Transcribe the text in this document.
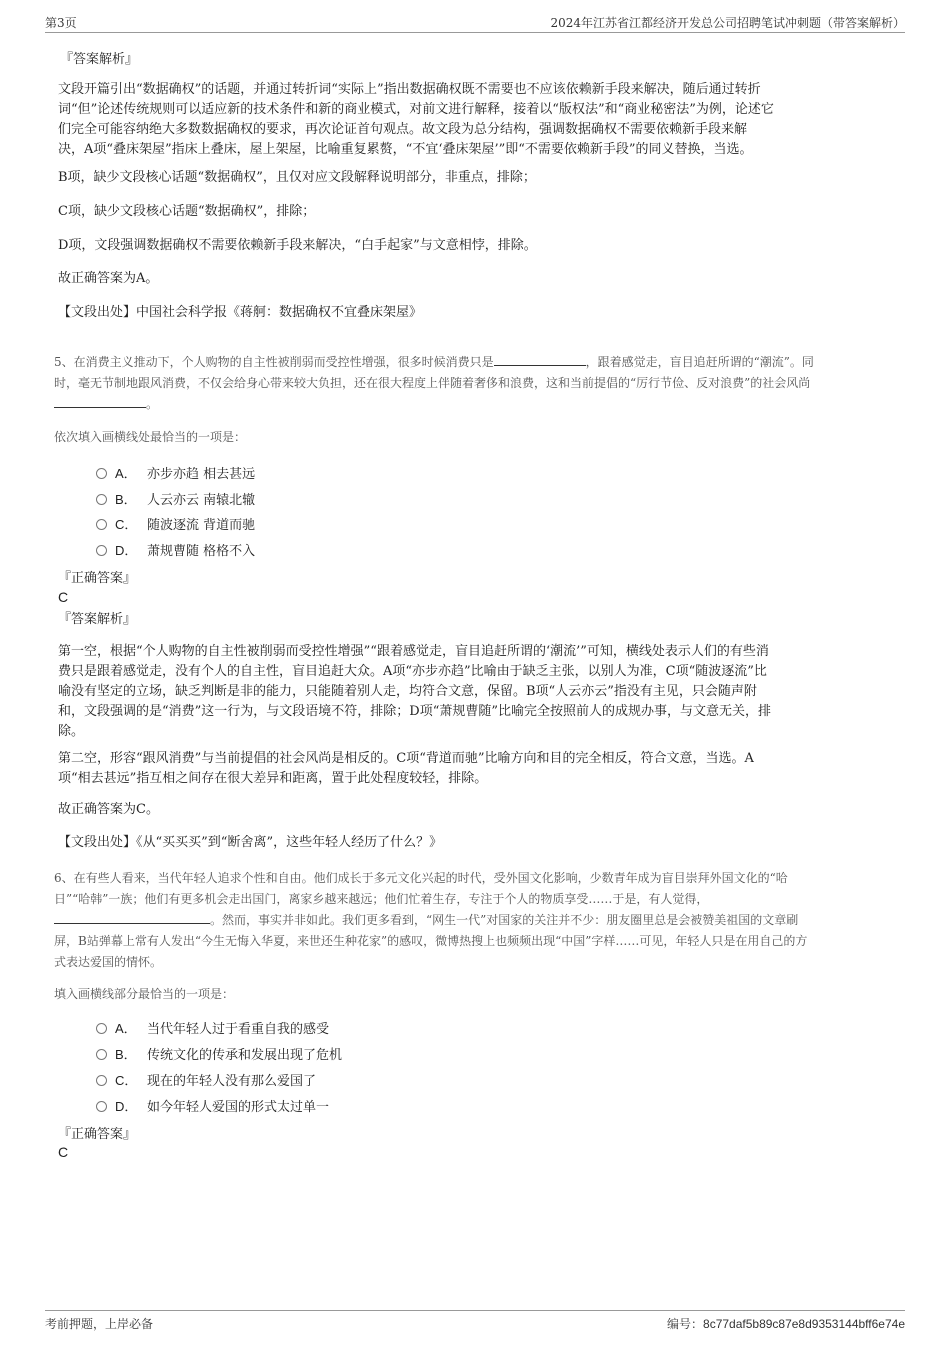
第3页	2024年江苏省江都经济开发总公司招聘笔试冲刺题（带答案解析）
『答案解析』
文段开篇引出“数据确权”的话题，并通过转折词“实际上”指出数据确权既不需要也不应该依赖新手段来解决，随后通过转折
词“但”论述传统规则可以适应新的技术条件和新的商业模式，对前文进行解释，接着以“版权法”和“商业秘密法”为例，论述它
们完全可能容纳绝大多数数据确权的要求，再次论证首句观点。故文段为总分结构，强调数据确权不需要依赖新手段来解
决，A项“叠床架屋”指床上叠床，屋上架屋，比喻重复累赘，“不宜‘叠床架屋’”即“不需要依赖新手段”的同义替换，当选。
B项，缺少文段核心话题“数据确权”，且仅对应文段解释说明部分，非重点，排除；
C项，缺少文段核心话题“数据确权”，排除；
D项，文段强调数据确权不需要依赖新手段来解决，“白手起家”与文意相悖，排除。
故正确答案为A。
【文段出处】中国社会科学报《蒋舸：数据确权不宜叠床架屋》
5、在消费主义推动下，个人购物的自主性被削弱而受控性增强，很多时候消费只是	，跟着感觉走，盲目追赶所谓的“潮流”。同
时，毫无节制地跟风消费，不仅会给身心带来较大负担，还在很大程度上伴随着奢侈和浪费，这和当前提倡的“厉行节俭、反对浪费”的社会风尚
。
依次填入画横线处最恰当的一项是：
A． 亦步亦趋 相去甚远
B． 人云亦云 南辕北辙
C． 随波逐流 背道而驰
D． 萧规曹随 格格不入
『正确答案』
C
『答案解析』
第一空，根据“个人购物的自主性被削弱而受控性增强”“跟着感觉走，盲目追赶所谓的‘潮流’”可知，横线处表示人们的有些消
费只是跟着感觉走，没有个人的自主性，盲目追赶大众。A项“亦步亦趋”比喻由于缺乏主张，以别人为准，C项“随波逐流”比
喻没有坚定的立场，缺乏判断是非的能力，只能随着别人走，均符合文意，保留。B项“人云亦云”指没有主见，只会随声附
和，文段强调的是“消费”这一行为，与文段语境不符，排除；D项“萧规曹随”比喻完全按照前人的成规办事，与文意无关，排
除。
第二空，形容“跟风消费”与当前提倡的社会风尚是相反的。C项“背道而驰”比喻方向和目的完全相反，符合文意，当选。A
项“相去甚远”指互相之间存在很大差异和距离，置于此处程度较轻，排除。
故正确答案为C。
【文段出处】《从“买买买”到“断舍离”，这些年轻人经历了什么？》
6、在有些人看来，当代年轻人追求个性和自由。他们成长于多元文化兴起的时代，受外国文化影响，少数青年成为盲目崇拜外国文化的“哈
日”“哈韩”一族；他们有更多机会走出国门，离家乡越来越远；他们忙着生存，专注于个人的物质享受……于是，有人觉得，
。然而，事实并非如此。我们更多看到，“网生一代”对国家的关注并不少：朋友圈里总是会被赞美祖国的文章刷
屏，B站弹幕上常有人发出“今生无悔入华夏，来世还生种花家”的感叹，微博热搜上也频频出现“中国”字样……可见，年轻人只是在用自己的方
式表达爱国的情怀。
填入画横线部分最恰当的一项是：
A． 当代年轻人过于看重自我的感受
B． 传统文化的传承和发展出现了危机
C． 现在的年轻人没有那么爱国了
D． 如今年轻人爱国的形式太过单一
『正确答案』
C
考前押题，上岸必备	编号：8c77daf5b89c87e8d9353144bff6e74e
